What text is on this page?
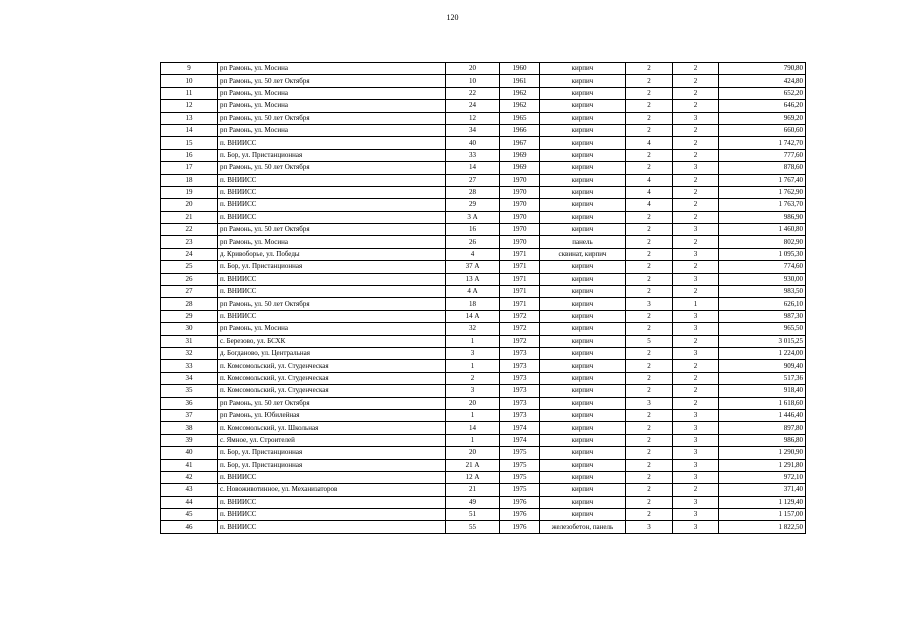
120
9	рп Рамонь, ул. Мосина	20	1960	кирпич	2	2	790,80
10	рп Рамонь, ул. 50 лет Октября	10	1961	кирпич	2	2	424,80
11	рп Рамонь, ул. Мосина	22	1962	кирпич	2	2	652,20
12	рп Рамонь, ул. Мосина	24	1962	кирпич	2	2	646,20
13	рп Рамонь, ул. 50 лет Октября	12	1965	кирпич	2	3	969,20
14	рп Рамонь, ул. Мосина	34	1966	кирпич	2	2	660,60
15	п. ВНИИСС	40	1967	кирпич	4	2	1 742,70
16	п. Бор, ул. Пристанционная	33	1969	кирпич	2	2	777,60
17	рп Рамонь, ул. 50 лет Октября	14	1969	кирпич	2	3	878,60
18	п. ВНИИСС	27	1970	кирпич	4	2	1 767,40
19	п. ВНИИСС	28	1970	кирпич	4	2	1 762,90
20	п. ВНИИСС	29	1970	кирпич	4	2	1 763,70
21	п. ВНИИСС	3 А	1970	кирпич	2	2	986,90
22	рп Рамонь, ул. 50 лет Октября	16	1970	кирпич	2	3	1 460,80
23	рп Рамонь, ул. Мосина	26	1970	панель	2	2	802,90
24	д. Кривоборье, ул. Победы	4	1971	сквинат, кирпич	2	3	1 095,30
25	п. Бор, ул. Пристанционная	37 А	1971	кирпич	2	2	774,60
26	п. ВНИИСС	13 А	1971	кирпич	2	3	930,00
27	п. ВНИИСС	4 А	1971	кирпич	2	2	983,50
28	рп Рамонь, ул. 50 лет Октября	18	1971	кирпич	3	1	626,10
29	п. ВНИИСС	14 А	1972	кирпич	2	3	987,30
30	рп Рамонь, ул. Мосина	32	1972	кирпич	2	3	965,50
31	с. Березово, ул. БСХК	1	1972	кирпич	5	2	3 015,25
32	д. Богданово, ул. Центральная	3	1973	кирпич	2	3	1 224,00
33	п. Комсомольский, ул. Студенческая	1	1973	кирпич	2	2	909,40
34	п. Комсомольский, ул. Студенческая	2	1973	кирпич	2	2	517,36
35	п. Комсомольский, ул. Студенческая	3	1973	кирпич	2	2	918,40
36	рп Рамонь, ул. 50 лет Октября	20	1973	кирпич	3	2	1 618,60
37	рп Рамонь, ул. Юбилейная	1	1973	кирпич	2	3	1 446,40
38	п. Комсомольский, ул. Школьная	14	1974	кирпич	2	3	897,80
39	с. Ямное, ул. Строителей	1	1974	кирпич	2	3	986,80
40	п. Бор, ул. Пристанционная	20	1975	кирпич	2	3	1 290,90
41	п. Бор, ул. Пристанционная	21 А	1975	кирпич	2	3	1 291,80
42	п. ВНИИСС	12 А	1975	кирпич	2	3	972,10
43	с. Новоживотинное, ул. Механизаторов	21	1975	кирпич	2	2	371,40
44	п. ВНИИСС	49	1976	кирпич	2	3	1 129,40
45	п. ВНИИСС	51	1976	кирпич	2	3	1 157,00
46	п. ВНИИСС	55	1976	железобетон, панель	3	3	1 822,50
